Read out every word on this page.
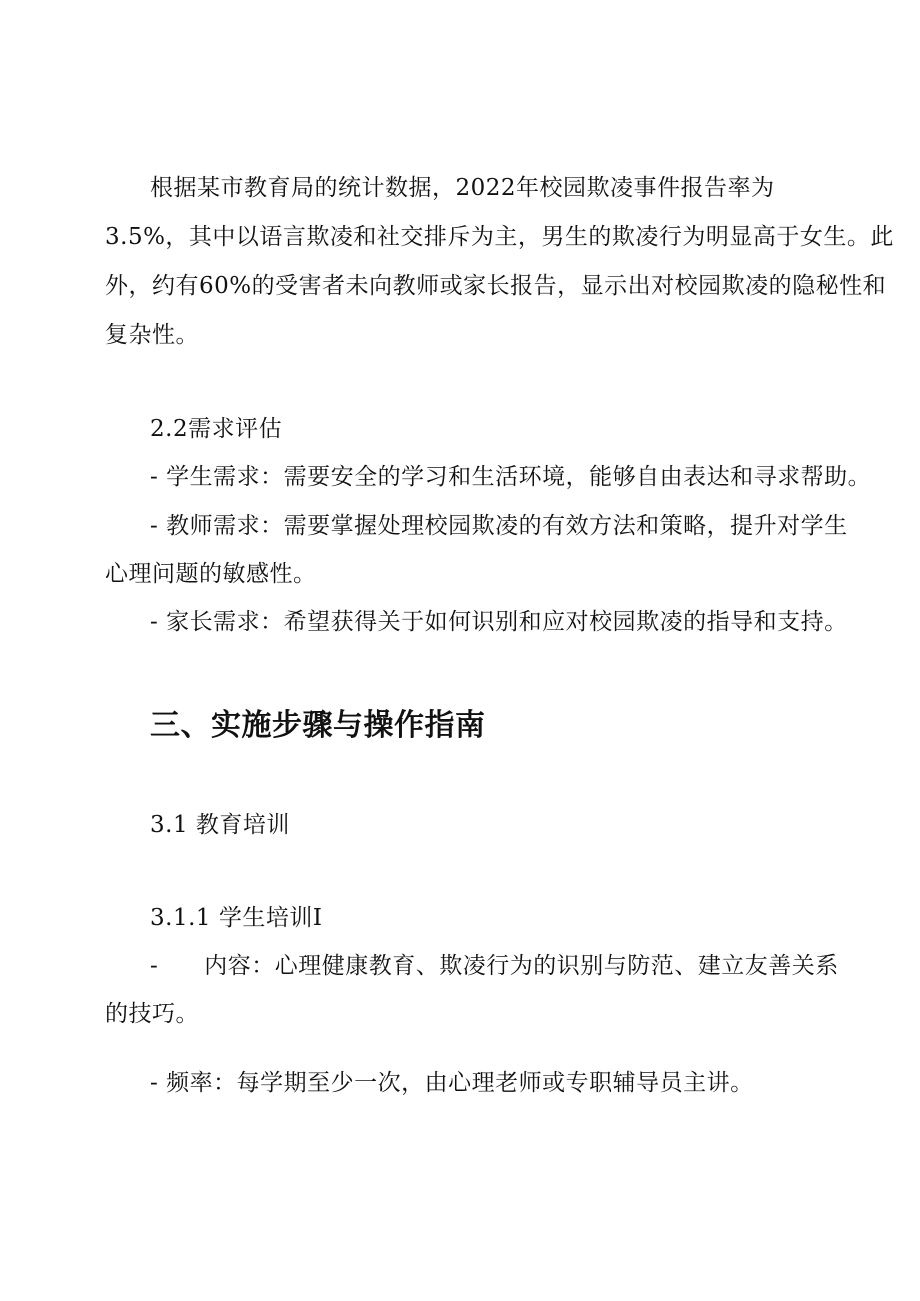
根据某市教育局的统计数据，2022年校园欺凌事件报告率为
3.5%，其中以语言欺凌和社交排斥为主，男生的欺凌行为明显高于女生。此
外，约有60%的受害者未向教师或家长报告，显示出对校园欺凌的隐秘性和
复杂性。
2.2需求评估
- 学生需求：需要安全的学习和生活环境，能够自由表达和寻求帮助。
- 教师需求：需要掌握处理校园欺凌的有效方法和策略，提升对学生
心理问题的敏感性。
- 家长需求：希望获得关于如何识别和应对校园欺凌的指导和支持。
三、实施步骤与操作指南
3.1 教育培训
3.1.1 学生培训I
- 内容：心理健康教育、欺凌行为的识别与防范、建立友善关系
的技巧。
- 频率：每学期至少一次，由心理老师或专职辅导员主讲。
